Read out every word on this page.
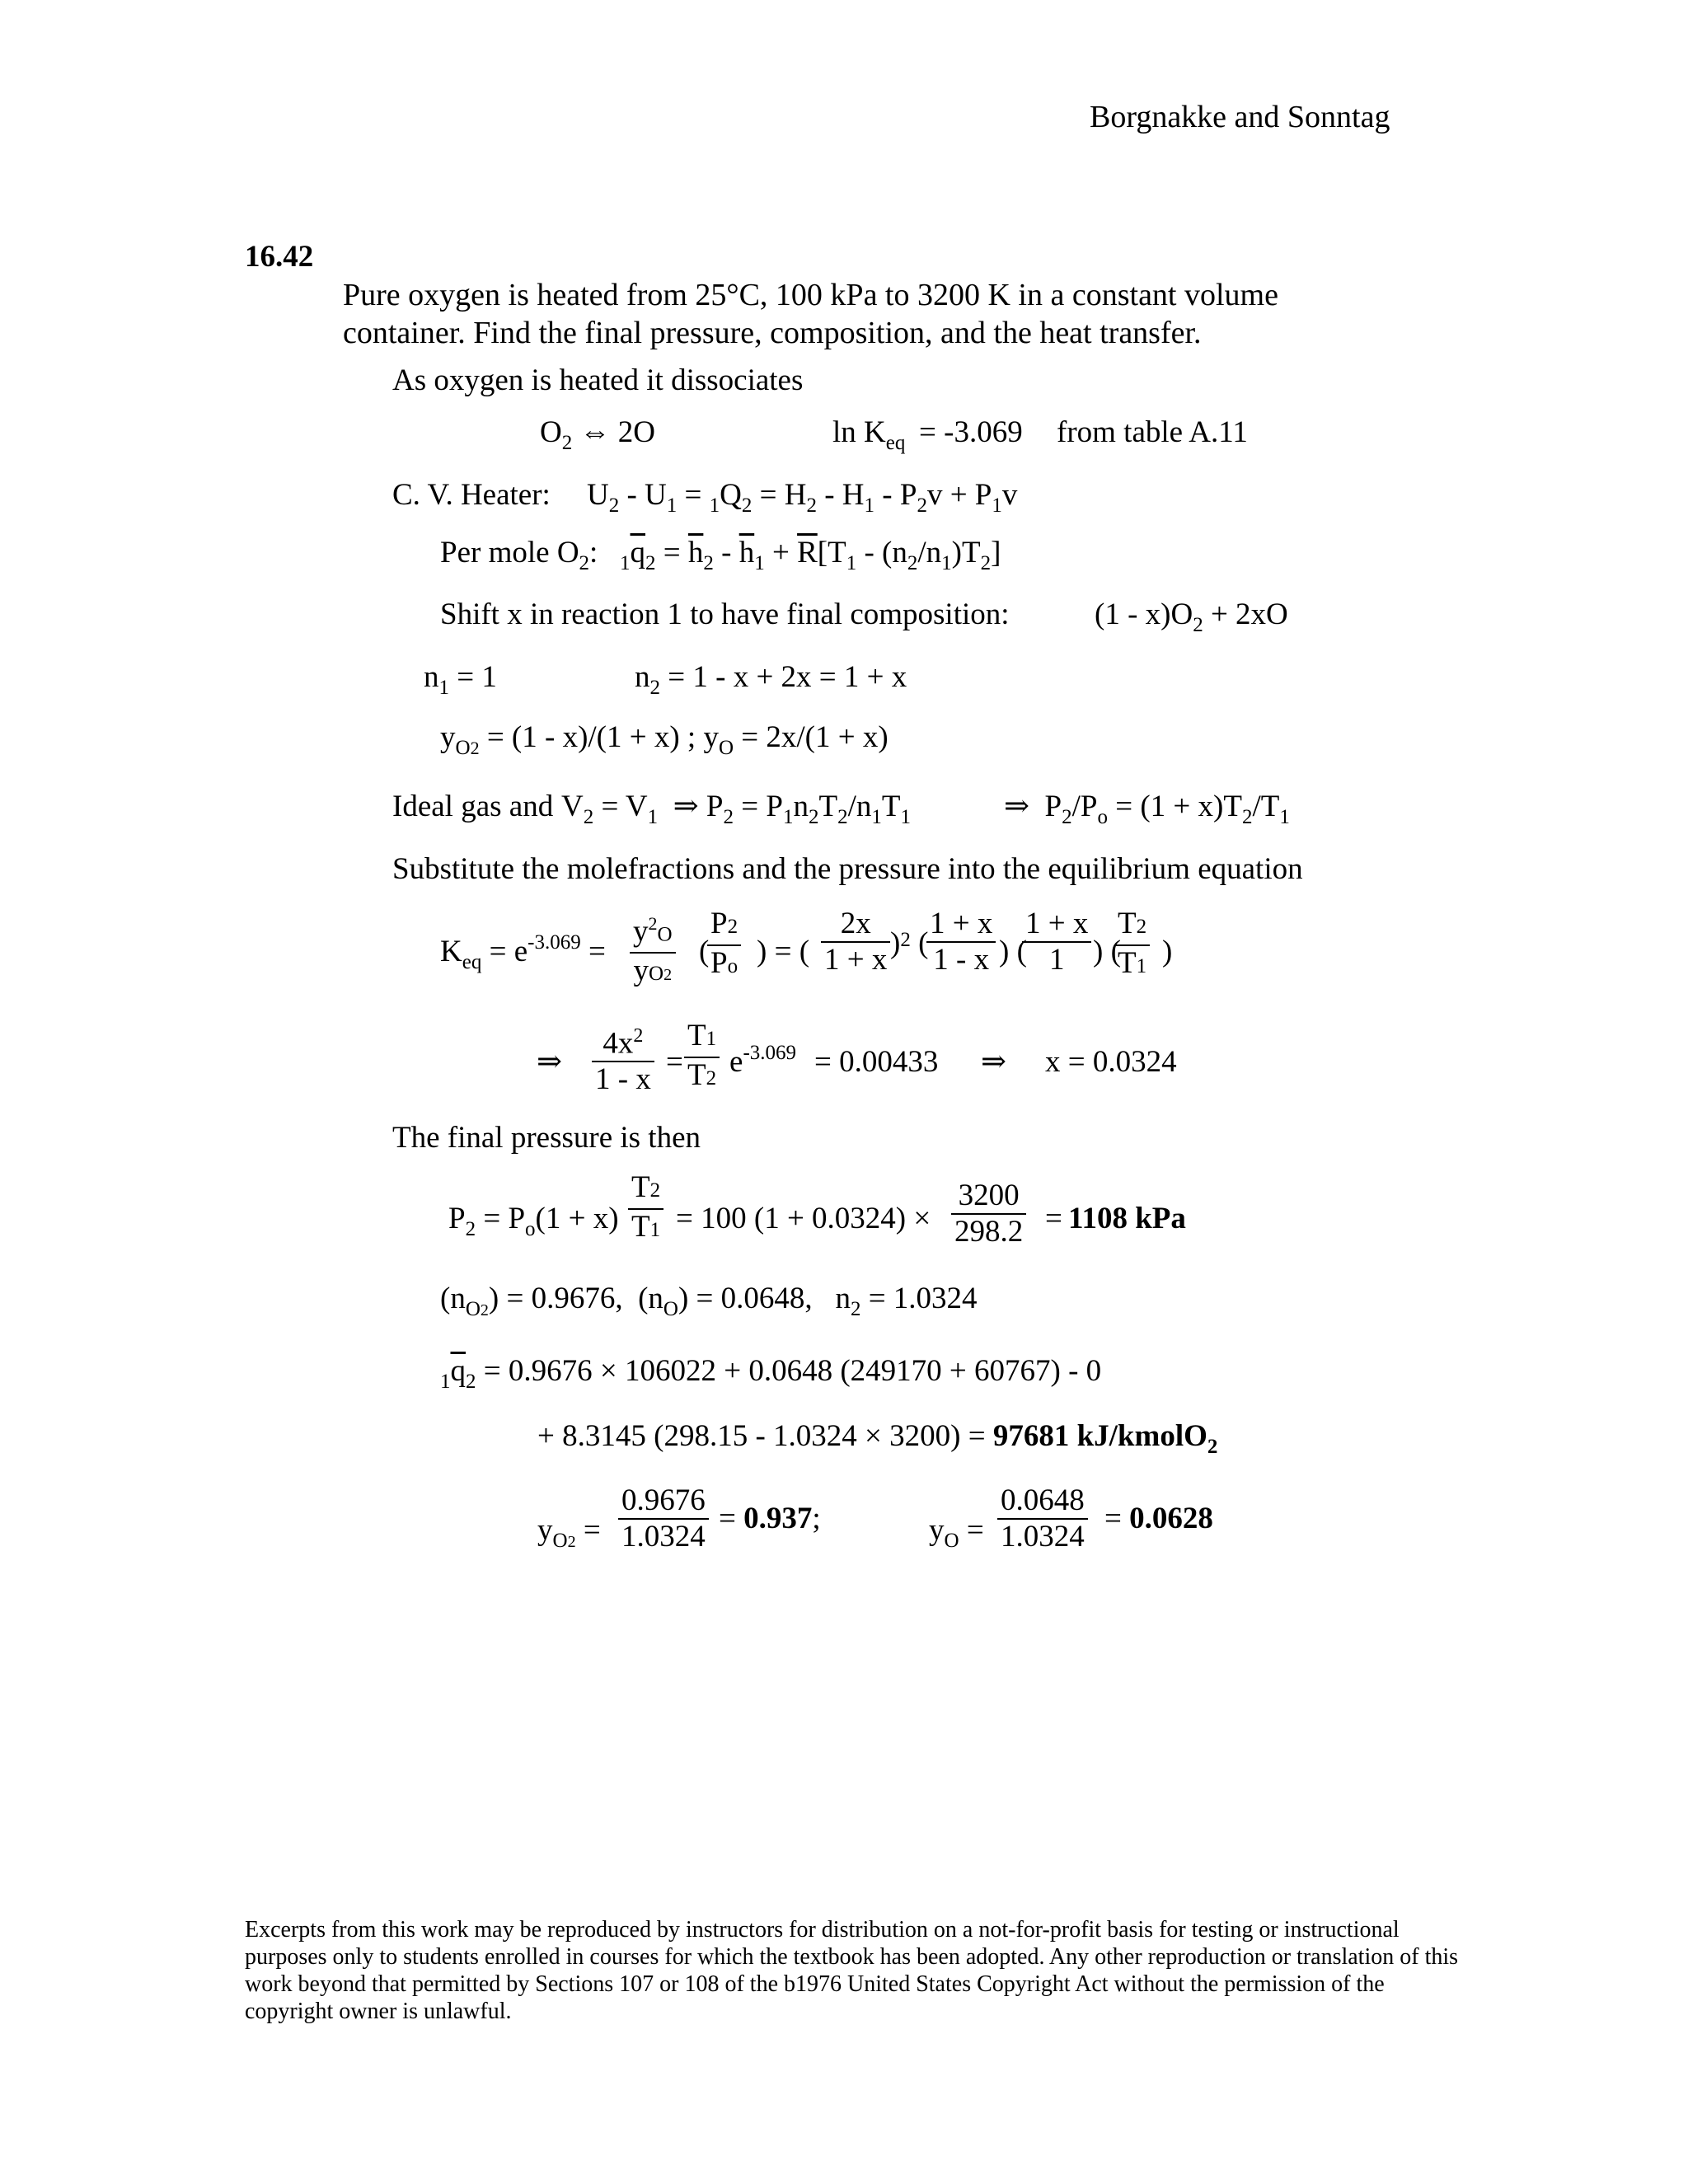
Borgnakke and Sonntag
16.42
Pure oxygen is heated from 25°C, 100 kPa to 3200 K in a constant volume
container. Find the final pressure, composition, and the heat transfer.
As oxygen is heated it dissociates
$O_2$ ⇔ 2O	$\ln K_{eq} = -3.069$ from table A.11
C. V. Heater: $U_2 - U_1 = _1Q_2 = H_2 - H_1 - P_2v + P_1v$
Per mole $O_2$: $_1\overline{q}_2 = \overline{h}_2 - \overline{h}_1 + \overline{R}[T_1 - (n_2/n_1)T_2]$
Shift x in reaction 1 to have final composition:	$(1 - x)O_2 + 2xO$
$n_1 = 1$	$n_2 = 1 - x + 2x = 1 + x$
$y_{O2} = (1 - x)/(1 + x)$ ; $y_O = 2x/(1 + x)$
Ideal gas and $V_2 = V_1$  ⇒ $P_2 = P_1n_2T_2/n_1T_1$	⇒  $P_2/P_o = (1 + x)T_2/T_1$
Substitute the molefractions and the pressure into the equilibrium equation
$K_{eq} = e^{-3.069} = \frac{y^2O}{yO2}$ (
$\frac{P2}{Po}$ ) = ( $\frac{2x}{1 + x} )^2$ (
$\frac{1 + x}{1 - x}$ ) (
$\frac{1 + x}{1}$ ) (
$\frac{T2}{T1}$ )
⇒ $\frac{4x^2}{1 - x} = \frac{T1}{T2} e^{-3.069} = 0.00433$ ⇒ x = 0.0324
The final pressure is then
$P_2 = P_o(1 + x) \frac{T2}{T1} = 100$ $(1 + 0.0324) \times \frac{3200}{298.2} = 1108$ kPa
$(n_{O2}) = 0.9676$,  $(n_O) = 0.0648$,   $n_2 = 1.0324$
$_1\overline{q}_2 = 0.9676 \times 106022 + 0.0648$ (249170 + 60767) - 0
+ 8.3145 (298.15 - 1.0324 × 3200) = 97681 kJ/kmolO$_2$
$y_{O2} = \frac{0.9676}{1.0324} = 0.937$;	$y_O = \frac{0.0648}{1.0324} = 0.0628$
Excerpts from this work may be reproduced by instructors for distribution on a not-for-profit basis for testing or instructional purposes only to students enrolled in courses for which the textbook has been adopted. Any other reproduction or translation of this work beyond that permitted by Sections 107 or 108 of the b1976 United States Copyright Act without the permission of the copyright owner is unlawful.
